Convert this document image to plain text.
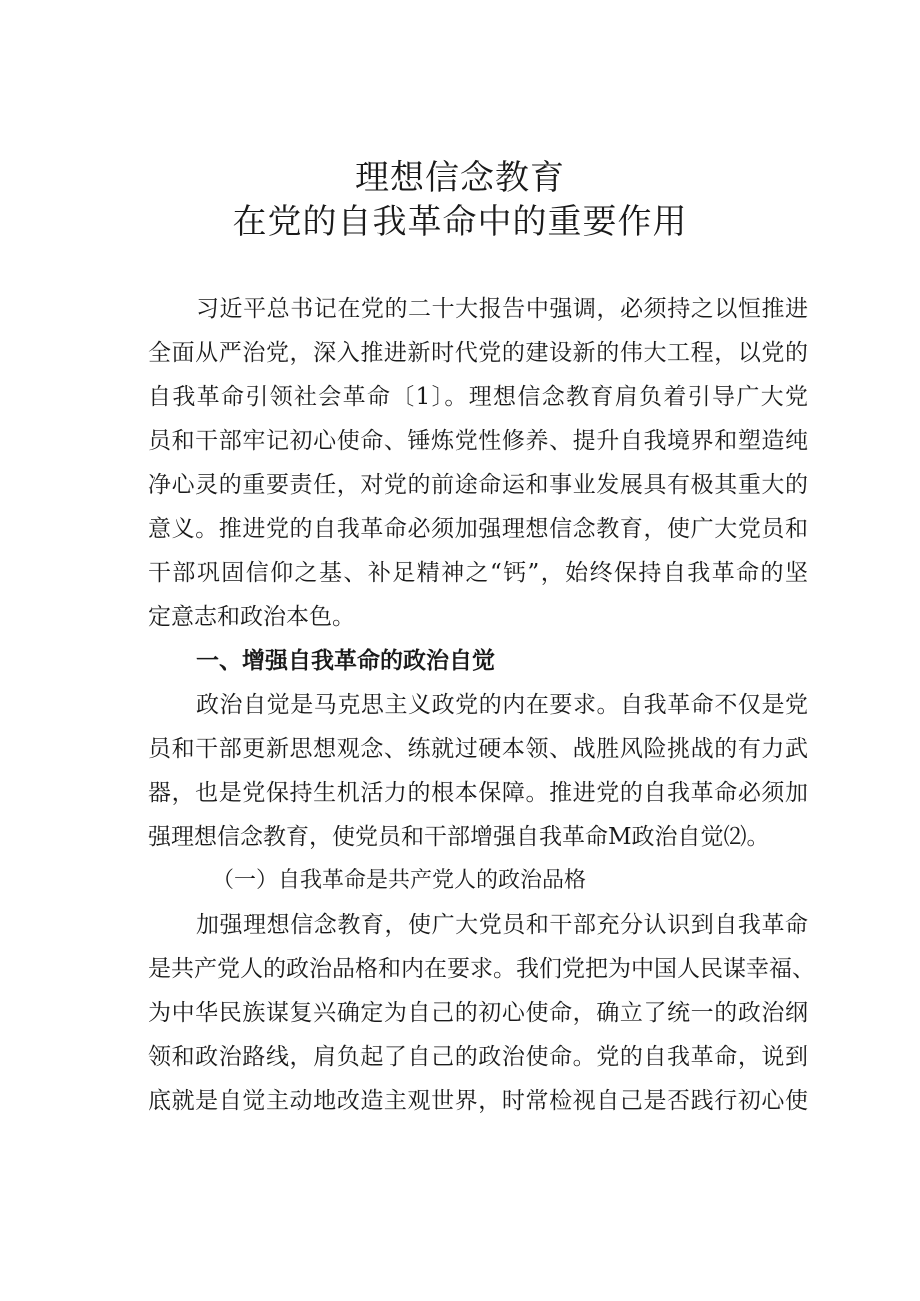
理想信念教育
在党的自我革命中的重要作用
习近平总书记在党的二十大报告中强调，必须持之以恒推进
全面从严治党，深入推进新时代党的建设新的伟大工程，以党的
自我革命引领社会革命〔1〕。理想信念教育肩负着引导广大党
员和干部牢记初心使命、锤炼党性修养、提升自我境界和塑造纯
净心灵的重要责任，对党的前途命运和事业发展具有极其重大的
意义。推进党的自我革命必须加强理想信念教育，使广大党员和
干部巩固信仰之基、补足精神之“钙”，始终保持自我革命的坚
定意志和政治本色。
一、增强自我革命的政治自觉
政治自觉是马克思主义政党的内在要求。自我革命不仅是党
员和干部更新思想观念、练就过硬本领、战胜风险挑战的有力武
器，也是党保持生机活力的根本保障。推进党的自我革命必须加
强理想信念教育，使党员和干部增强自我革命M政治自觉⑵。
（一）自我革命是共产党人的政治品格
加强理想信念教育，使广大党员和干部充分认识到自我革命
是共产党人的政治品格和内在要求。我们党把为中国人民谋幸福、
为中华民族谋复兴确定为自己的初心使命，确立了统一的政治纲
领和政治路线，肩负起了自己的政治使命。党的自我革命，说到
底就是自觉主动地改造主观世界，时常检视自己是否践行初心使
